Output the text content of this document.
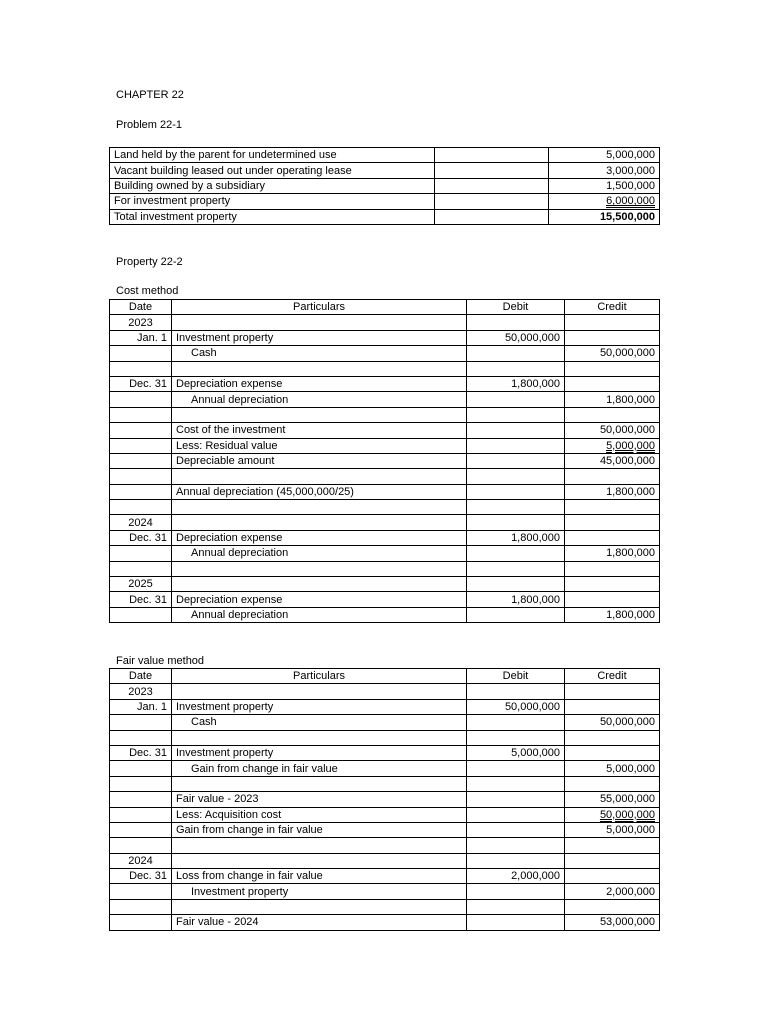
CHAPTER 22
Problem 22-1
Land held by the parent for undetermined use		5,000,000
Vacant building leased out under operating lease		3,000,000
Building owned by a subsidiary		1,500,000
For investment property		6,000,000
Total investment property		15,500,000
Property 22-2
Cost method
Date	Particulars	Debit	Credit
2023			
Jan. 1	Investment property	50,000,000	
	Cash		50,000,000

Dec. 31	Depreciation expense	1,800,000	
	Annual depreciation		1,800,000

	Cost of the investment		50,000,000
	Less: Residual value		5,000,000
	Depreciable amount		45,000,000

	Annual depreciation (45,000,000/25)		1,800,000

2024			
Dec. 31	Depreciation expense	1,800,000	
	Annual depreciation		1,800,000

2025			
Dec. 31	Depreciation expense	1,800,000	
	Annual depreciation		1,800,000
Fair value method
Date	Particulars	Debit	Credit
2023			
Jan. 1	Investment property	50,000,000	
	Cash		50,000,000

Dec. 31	Investment property	5,000,000	
	Gain from change in fair value		5,000,000

	Fair value - 2023		55,000,000
	Less: Acquisition cost		50,000,000
	Gain from change in fair value		5,000,000

2024			
Dec. 31	Loss from change in fair value	2,000,000	
	Investment property		2,000,000

	Fair value - 2024		53,000,000
